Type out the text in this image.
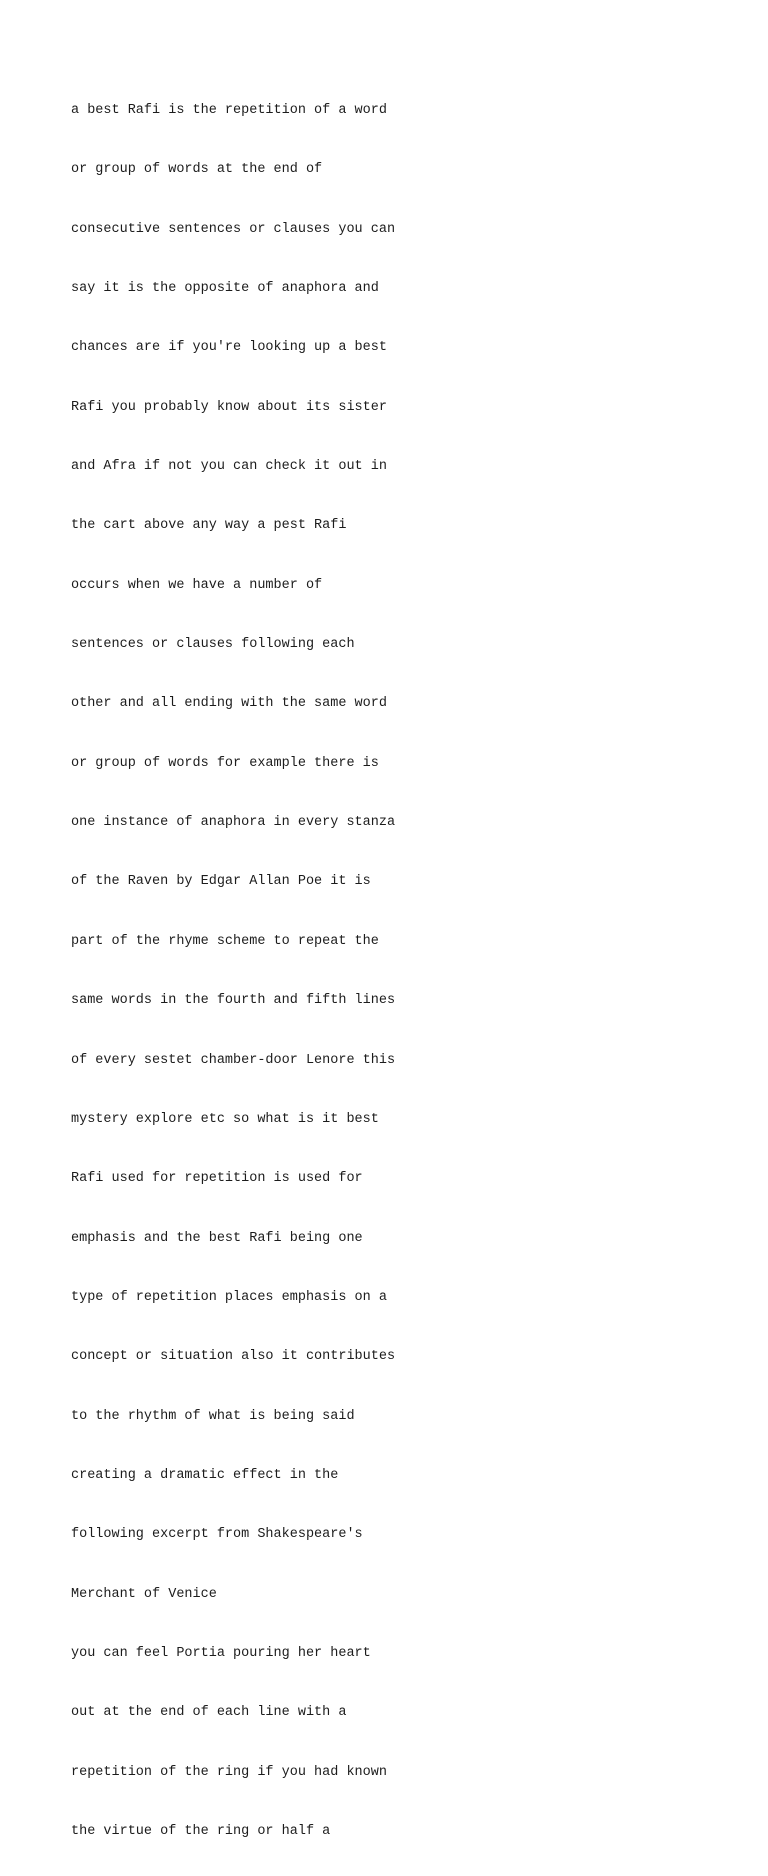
a best Rafi is the repetition of a word

or group of words at the end of

consecutive sentences or clauses you can

say it is the opposite of anaphora and

chances are if you're looking up a best

Rafi you probably know about its sister

and Afra if not you can check it out in

the cart above any way a pest Rafi

occurs when we have a number of

sentences or clauses following each

other and all ending with the same word

or group of words for example there is

one instance of anaphora in every stanza

of the Raven by Edgar Allan Poe it is

part of the rhyme scheme to repeat the

same words in the fourth and fifth lines

of every sestet chamber-door Lenore this

mystery explore etc so what is it best

Rafi used for repetition is used for

emphasis and the best Rafi being one

type of repetition places emphasis on a

concept or situation also it contributes

to the rhythm of what is being said

creating a dramatic effect in the

following excerpt from Shakespeare's

Merchant of Venice

you can feel Portia pouring her heart

out at the end of each line with a

repetition of the ring if you had known

the virtue of the ring or half a
